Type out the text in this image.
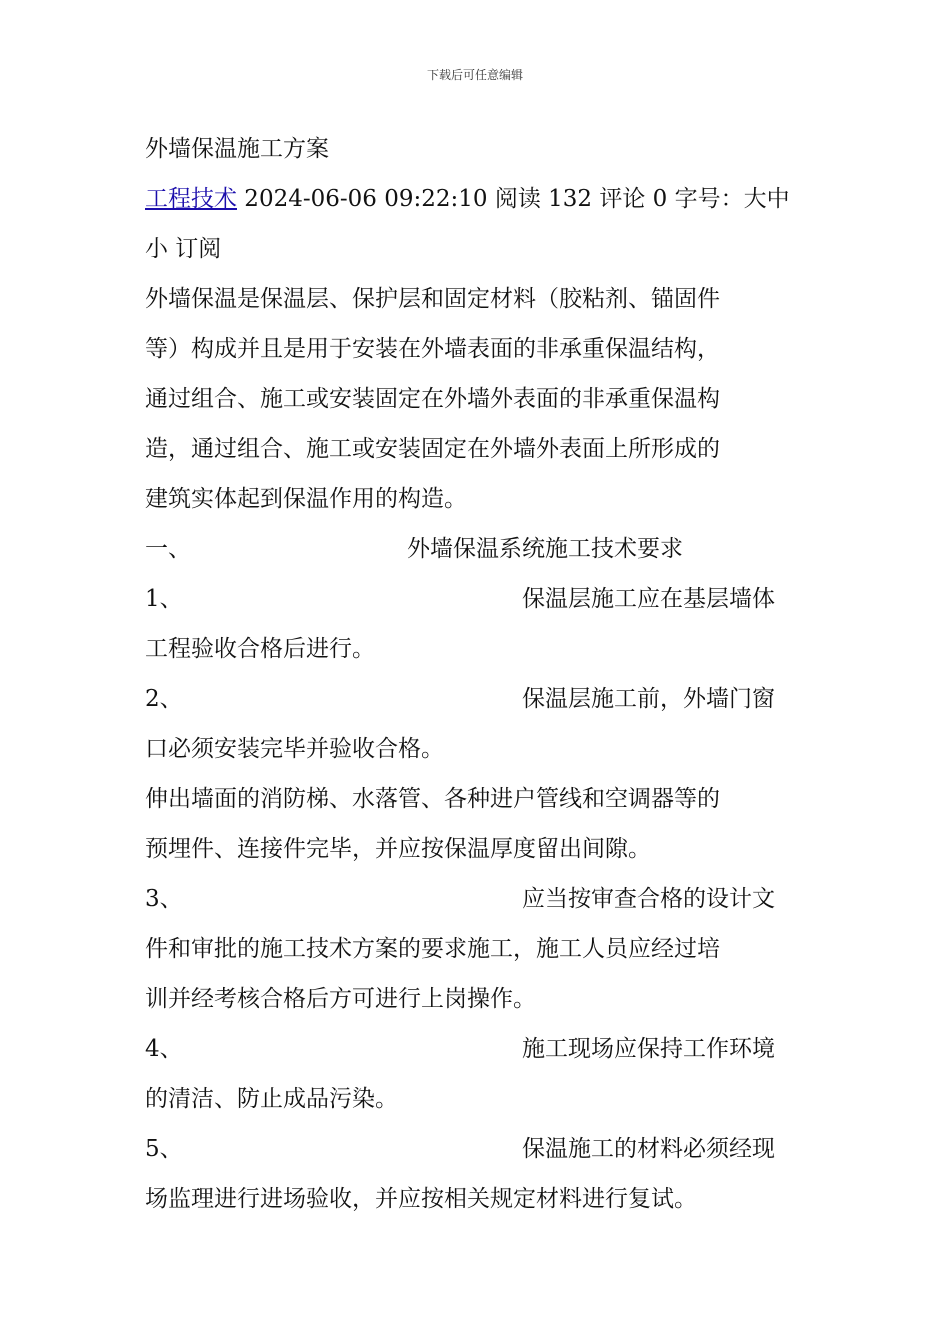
下载后可任意编辑
外墙保温施工方案
工程技术 2024-06-06 09:22:10 阅读 132 评论 0 字号：大中
小 订阅
外墙保温是保温层、保护层和固定材料（胶粘剂、锚固件
等）构成并且是用于安装在外墙表面的非承重保温结构，
通过组合、施工或安装固定在外墙外表面的非承重保温构
造，通过组合、施工或安装固定在外墙外表面上所形成的
建筑实体起到保温作用的构造。
一、	外墙保温系统施工技术要求
1、	保温层施工应在基层墙体
工程验收合格后进行。
2、	保温层施工前，外墙门窗
口必须安装完毕并验收合格。
伸出墙面的消防梯、水落管、各种进户管线和空调器等的
预埋件、连接件完毕，并应按保温厚度留出间隙。
3、	应当按审查合格的设计文
件和审批的施工技术方案的要求施工，施工人员应经过培
训并经考核合格后方可进行上岗操作。
4、	施工现场应保持工作环境
的清洁、防止成品污染。
5、	保温施工的材料必须经现
场监理进行进场验收，并应按相关规定材料进行复试。
